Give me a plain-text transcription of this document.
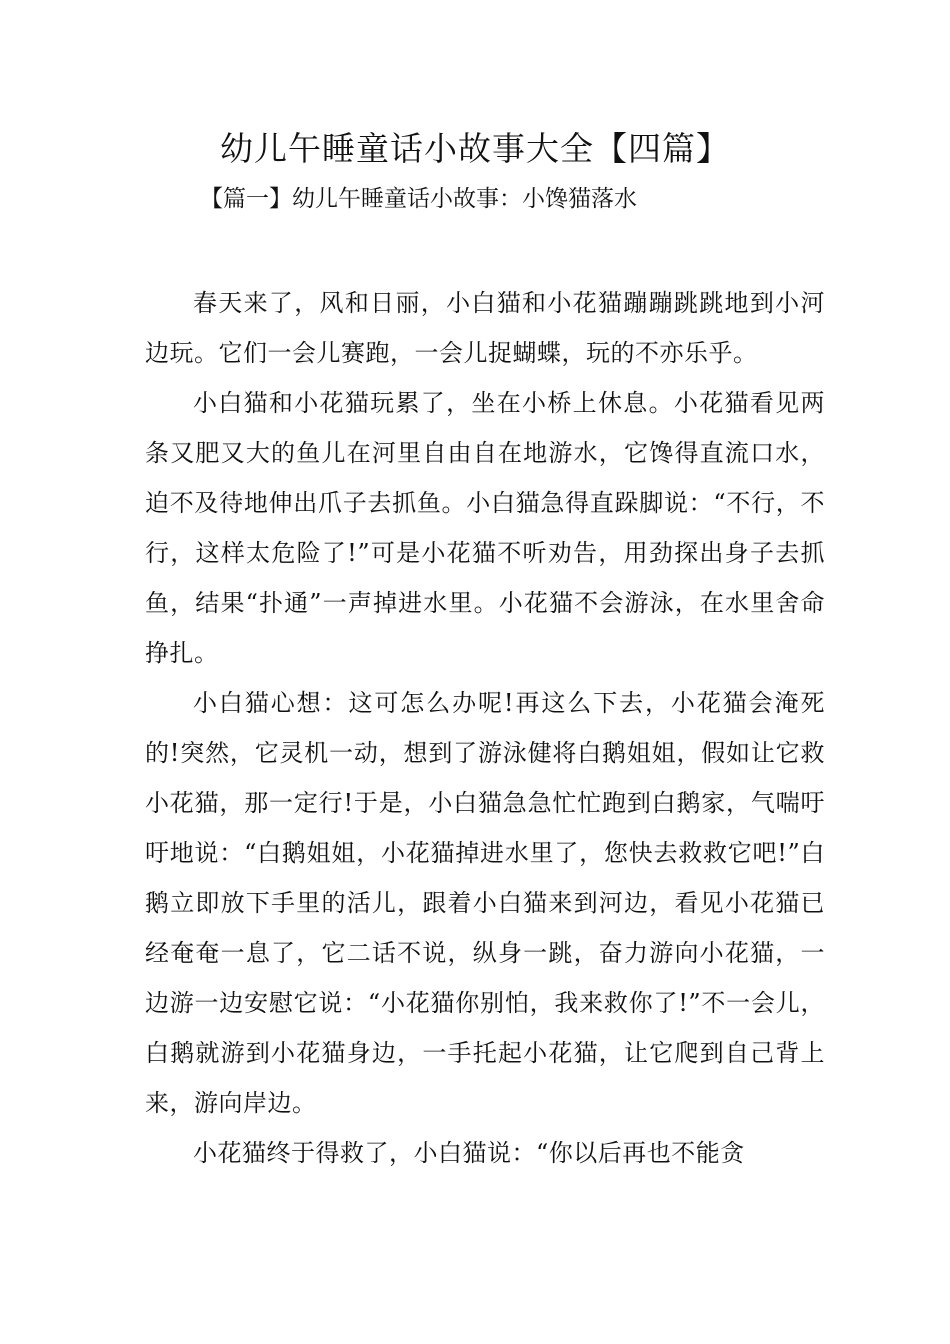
幼儿午睡童话小故事大全【四篇】
【篇一】幼儿午睡童话小故事：小馋猫落水

春天来了，风和日丽，小白猫和小花猫蹦蹦跳跳地到小河边玩。它们一会儿赛跑，一会儿捉蝴蝶，玩的不亦乐乎。

小白猫和小花猫玩累了，坐在小桥上休息。小花猫看见两条又肥又大的鱼儿在河里自由自在地游水，它馋得直流口水，迫不及待地伸出爪子去抓鱼。小白猫急得直跺脚说：“不行，不行，这样太危险了!”可是小花猫不听劝告，用劲探出身子去抓鱼，结果“扑通”一声掉进水里。小花猫不会游泳，在水里舍命挣扎。

小白猫心想：这可怎么办呢!再这么下去，小花猫会淹死的!突然，它灵机一动，想到了游泳健将白鹅姐姐，假如让它救小花猫，那一定行!于是，小白猫急急忙忙跑到白鹅家，气喘吁吁地说：“白鹅姐姐，小花猫掉进水里了，您快去救救它吧!”白鹅立即放下手里的活儿，跟着小白猫来到河边，看见小花猫已经奄奄一息了，它二话不说，纵身一跳，奋力游向小花猫，一边游一边安慰它说：“小花猫你别怕，我来救你了!”不一会儿，白鹅就游到小花猫身边，一手托起小花猫，让它爬到自己背上来，游向岸边。

小花猫终于得救了，小白猫说：“你以后再也不能贪
